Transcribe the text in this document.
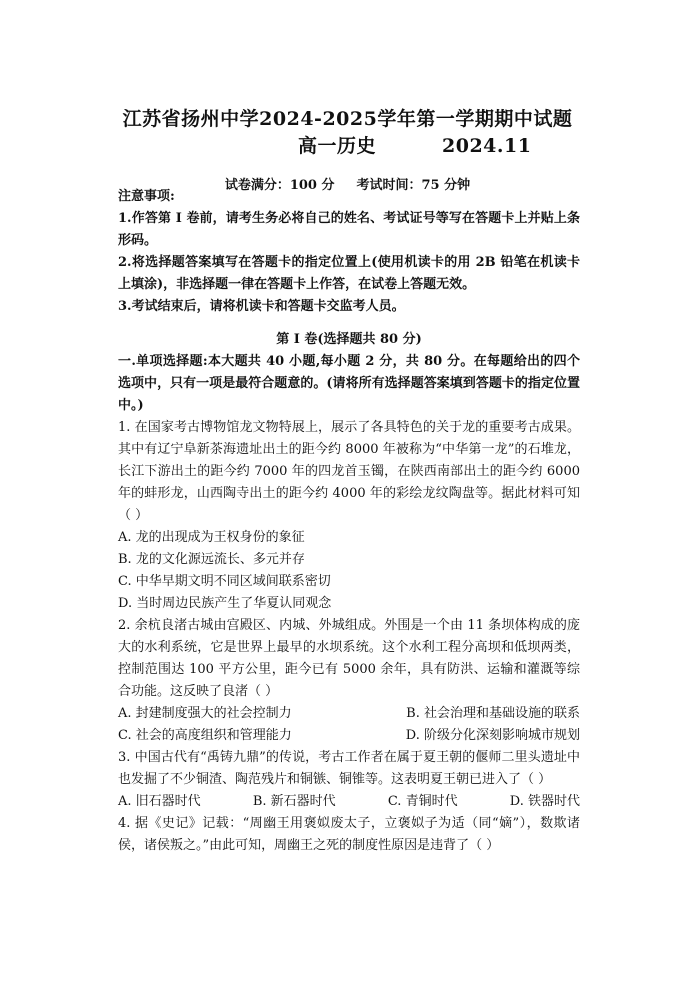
江苏省扬州中学2024-2025学年第一学期期中试题
高一历史	2024.11
试卷满分：100 分 考试时间：75 分钟

注意事项:

1.作答第 I 卷前，请考生务必将自己的姓名、考试证号等写在答题卡上并贴上条形码。

2.将选择题答案填写在答题卡的指定位置上(使用机读卡的用 2B 铅笔在机读卡上填涂)，非选择题一律在答题卡上作答，在试卷上答题无效。

3.考试结束后，请将机读卡和答题卡交监考人员。

第 I 卷(选择题共 80 分)

一.单项选择题:本大题共 40 小题,每小题 2 分，共 80 分。在每题给出的四个选项中，只有一项是最符合题意的。(请将所有选择题答案填到答题卡的指定位置中。)

1. 在国家考古博物馆龙文物特展上，展示了各具特色的关于龙的重要考古成果。其中有辽宁阜新茶海遗址出土的距今约 8000 年被称为“中华第一龙”的石堆龙，长江下游出土的距今约 7000 年的四龙首玉镯，在陕西南部出土的距今约 6000 年的蚌形龙，山西陶寺出土的距今约 4000 年的彩绘龙纹陶盘等。据此材料可知（ ）

A. 龙的出现成为王权身份的象征

B. 龙的文化源远流长、多元并存

C. 中华早期文明不同区域间联系密切

D. 当时周边民族产生了华夏认同观念

2. 余杭良渚古城由宫殿区、内城、外城组成。外围是一个由 11 条坝体构成的庞大的水利系统，它是世界上最早的水坝系统。这个水利工程分高坝和低坝两类，控制范围达 100 平方公里，距今已有 5000 余年，具有防洪、运输和灌溉等综合功能。这反映了良渚（ ）

A. 封建制度强大的社会控制力	B. 社会治理和基础设施的联系
C. 社会的高度组织和管理能力	D. 阶级分化深刻影响城市规划

3. 中国古代有“禹铸九鼎”的传说，考古工作者在属于夏王朝的偃师二里头遗址中也发掘了不少铜渣、陶范残片和铜镞、铜锥等。这表明夏王朝已进入了（ ）

A. 旧石器时代	B. 新石器时代	C. 青铜时代	D. 铁器时代

4. 据《史记》记载：“周幽王用褒姒废太子，立褒姒子为适（同“嫡”），数欺诸侯，诸侯叛之。”由此可知，周幽王之死的制度性原因是违背了（ ）
